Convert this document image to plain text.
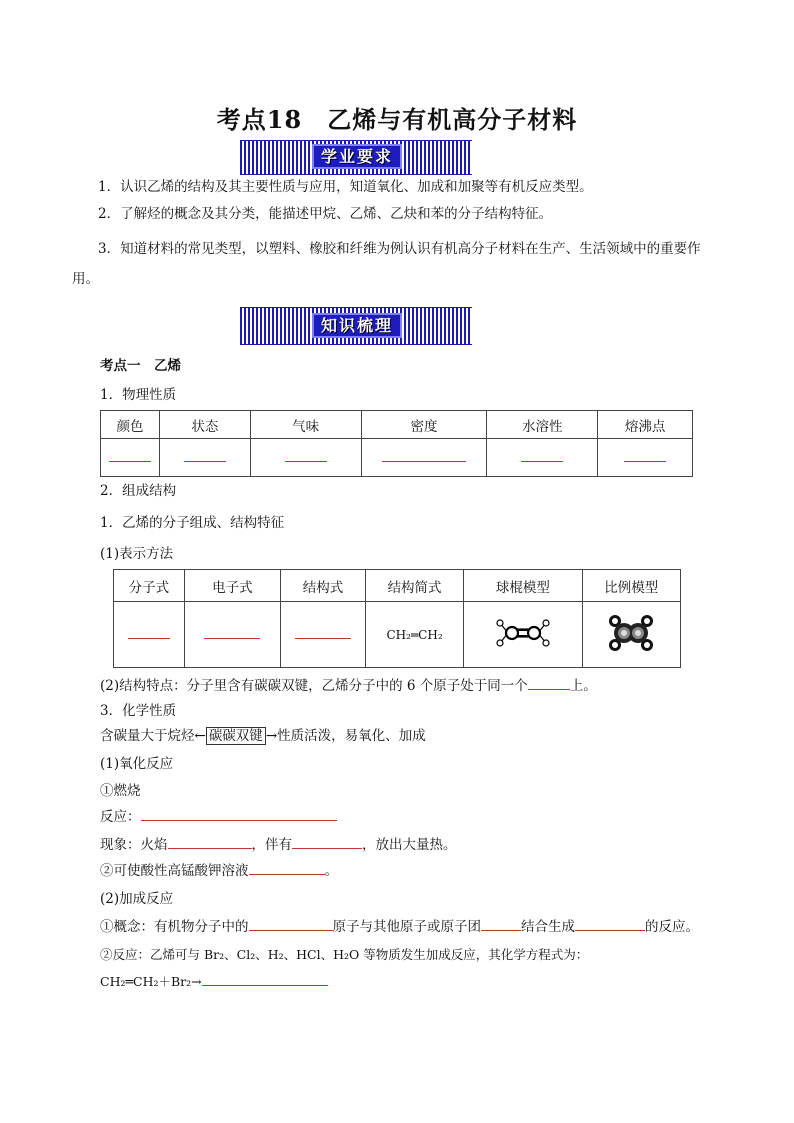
考点18　乙烯与有机高分子材料
学业要求
1．认识乙烯的结构及其主要性质与应用，知道氧化、加成和加聚等有机反应类型。
2．了解烃的概念及其分类，能描述甲烷、乙烯、乙炔和苯的分子结构特征。
3．知道材料的常见类型，以塑料、橡胶和纤维为例认识有机高分子材料在生产、生活领域中的重要作
用。
知识梳理
考点一　乙烯
1．物理性质
颜色	状态	气味	密度	水溶性	熔沸点

2．组成结构
1．乙烯的分子组成、结构特征
(1)表示方法
分子式	电子式	结构式	结构简式	球棍模型	比例模型
			CH₂═CH₂		
(2)结构特点：分子里含有碳碳双键，乙烯分子中的 6 个原子处于同一个	上。
3．化学性质
含碳量大于烷烃← 碳碳双键 →性质活泼，易氧化、加成
(1)氧化反应
①燃烧
反应：
现象：火焰	，伴有	，放出大量热。
②可使酸性高锰酸钾溶液	。
(2)加成反应
①概念：有机物分子中的	原子与其他原子或原子团	结合生成	的反应。
②反应：乙烯可与 Br₂、Cl₂、H₂、HCl、H₂O 等物质发生加成反应，其化学方程式为：
CH₂═CH₂＋Br₂→
